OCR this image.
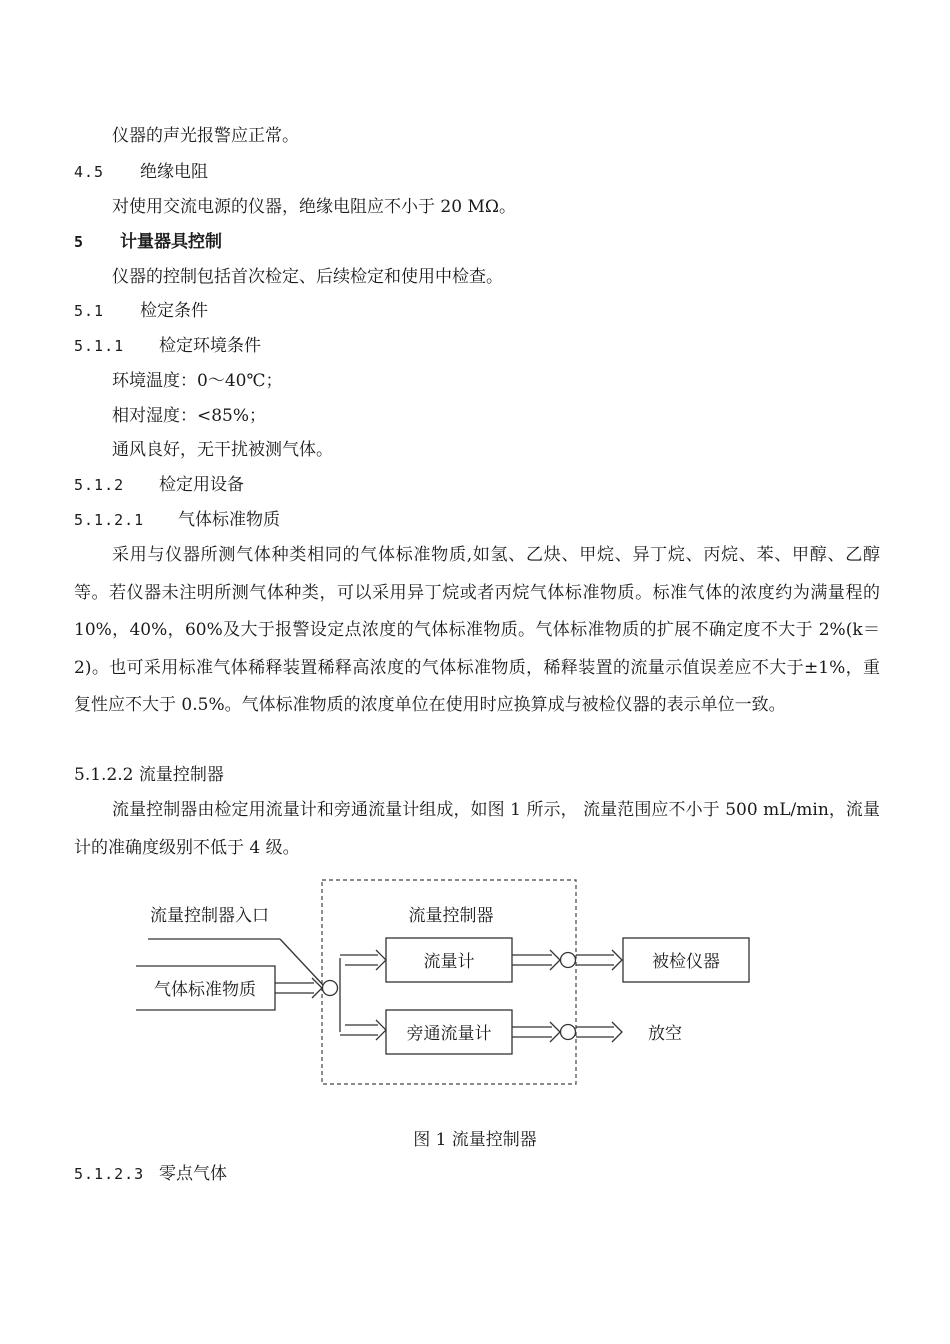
仪器的声光报警应正常。
4.5 绝缘电阻
对使用交流电源的仪器，绝缘电阻应不小于 20 MΩ。
5 计量器具控制
仪器的控制包括首次检定、后续检定和使用中检查。
5.1 检定条件
5.1.1 检定环境条件
环境温度：0～40℃；
相对湿度：<85%；
通风良好，无干扰被测气体。
5.1.2 检定用设备
5.1.2.1 气体标准物质
采用与仪器所测气体种类相同的气体标准物质,如氢、乙炔、甲烷、异丁烷、丙烷、苯、甲醇、乙醇等。若仪器未注明所测气体种类，可以采用异丁烷或者丙烷气体标准物质。标准气体的浓度约为满量程的 10%，40%，60%及大于报警设定点浓度的气体标准物质。气体标准物质的扩展不确定度不大于 2%(k＝2)。也可采用标准气体稀释装置稀释高浓度的气体标准物质，稀释装置的流量示值误差应不大于±1%，重复性应不大于 0.5%。气体标准物质的浓度单位在使用时应换算成与被检仪器的表示单位一致。
5.1.2.2 流量控制器
流量控制器由检定用流量计和旁通流量计组成，如图 1 所示， 流量范围应不小于 500 mL/min，流量计的准确度级别不低于 4 级。
流量控制器入口
气体标准物质
流量控制器
流量计
旁通流量计
被检仪器
放空
图 1 流量控制器
5.1.2.3 零点气体
